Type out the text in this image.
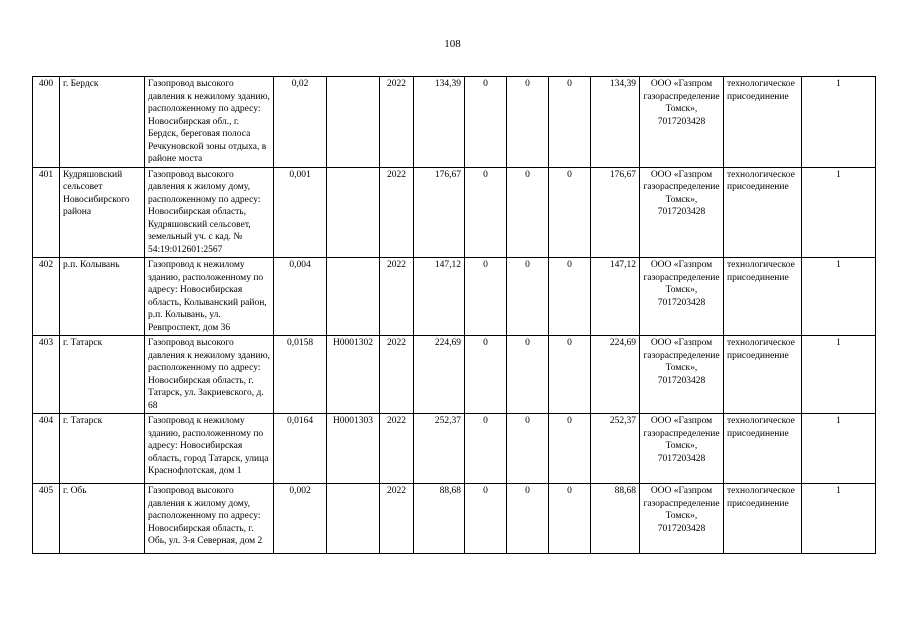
108
400	г. Бердск	Газопровод высокого давления к нежилому зданию, расположенному по адресу: Новосибирская обл., г. Бердск, береговая полоса Речкуновской зоны отдыха, в районе моста	0,02		2022	134,39	0	0	0	134,39	ООО «Газпром газораспределение Томск», 7017203428	технологическое присоединение	1
401	Кудряшовский сельсовет Новосибирского района	Газопровод высокого давления к жилому дому, расположенному по адресу: Новосибирская область, Кудряшовский сельсовет, земельный уч. с кад. № 54:19:012601:2567	0,001		2022	176,67	0	0	0	176,67	ООО «Газпром газораспределение Томск», 7017203428	технологическое присоединение	1
402	р.п. Колывань	Газопровод к нежилому зданию, расположенному по адресу: Новосибирская область, Колыванский район, р.п. Колывань, ул. Ревпроспект, дом 36	0,004		2022	147,12	0	0	0	147,12	ООО «Газпром газораспределение Томск», 7017203428	технологическое присоединение	1
403	г. Татарск	Газопровод высокого давления к нежилому зданию, расположенному по адресу: Новосибирская область, г. Татарск, ул. Закриевского, д. 68	0,0158	Н0001302	2022	224,69	0	0	0	224,69	ООО «Газпром газораспределение Томск», 7017203428	технологическое присоединение	1
404	г. Татарск	Газопровод к нежилому зданию, расположенному по адресу: Новосибирская область, город Татарск, улица Краснофлотская, дом 1	0,0164	Н0001303	2022	252,37	0	0	0	252,37	ООО «Газпром газораспределение Томск», 7017203428	технологическое присоединение	1
405	г. Обь	Газопровод высокого давления к жилому дому, расположенному по адресу: Новосибирская область, г. Обь, ул. 3-я Северная, дом 2	0,002		2022	88,68	0	0	0	88,68	ООО «Газпром газораспределение Томск», 7017203428	технологическое присоединение	1
